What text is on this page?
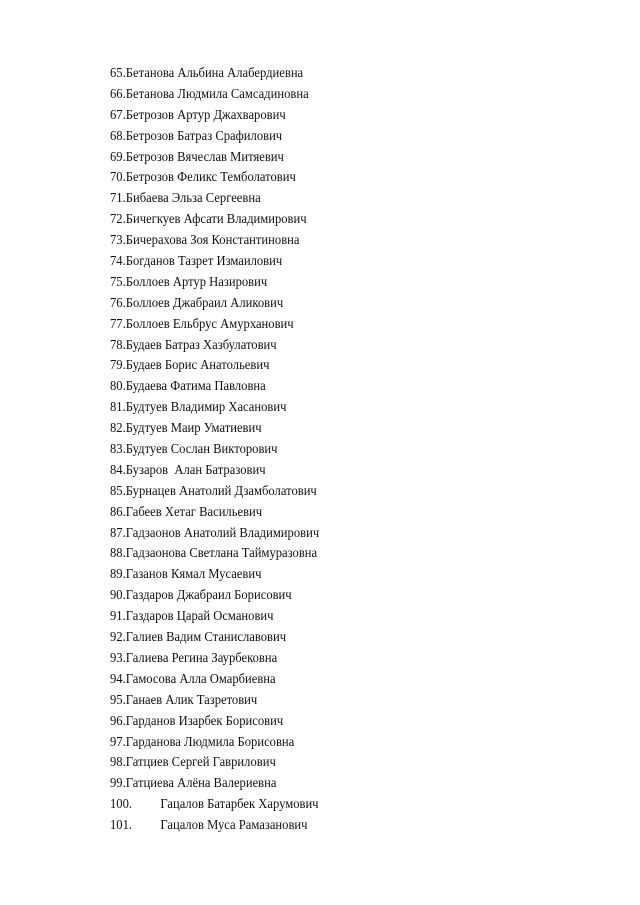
65.Бетанова Альбина Алабердиевна
66.Бетанова Людмила Самсадиновна
67.Бетрозов Артур Джахварович
68.Бетрозов Батраз Срафилович
69.Бетрозов Вячеслав Митяевич
70.Бетрозов Феликс Темболатович
71.Бибаева Эльза Сергеевна
72.Бичегкуев Афсати Владимирович
73.Бичерахова Зоя Константиновна
74.Богданов Тазрет Измаилович
75.Боллоев Артур Назирович
76.Боллоев Джабраил Аликович
77.Боллоев Ельбрус Амурханович
78.Будаев Батраз Хазбулатович
79.Будаев Борис Анатольевич
80.Будаева Фатима Павловна
81.Будтуев Владимир Хасанович
82.Будтуев Маир Уматиевич
83.Будтуев Сослан Викторович
84.Бузаров  Алан Батразович
85.Бурнацев Анатолий Дзамболатович
86.Габеев Хетаг Васильевич
87.Гадзаонов Анатолий Владимирович
88.Гадзаонова Светлана Таймуразовна
89.Газанов Кямал Мусаевич
90.Газдаров Джабраил Борисович
91.Газдаров Царай Османович
92.Галиев Вадим Станиславович
93.Галиева Регина Заурбековна
94.Гамосова Алла Омарбиевна
95.Ганаев Алик Тазретович
96.Гарданов Изарбек Борисович
97.Гарданова Людмила Борисовна
98.Гатциев Сергей Гаврилович
99.Гатциева Алёна Валериевна
100. Гацалов Батарбек Харумович
101. Гацалов Муса Рамазанович
